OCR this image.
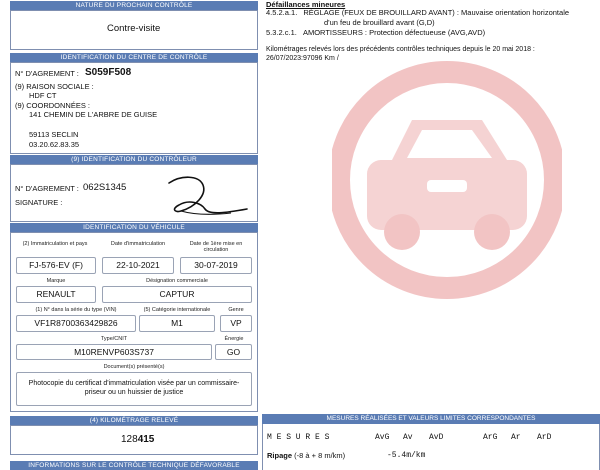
NATURE DU PROCHAIN CONTRÔLE
Contre-visite
IDENTIFICATION DU CENTRE DE CONTRÔLE
N° D'AGREMENT : S059F508
(9) RAISON SOCIALE :
HDF CT
(9) COORDONNÉES :
141 CHEMIN DE L'ARBRE DE GUISE
59113 SECLIN
03.20.62.83.35
(9) IDENTIFICATION DU CONTRÔLEUR
N° D'AGREMENT : 062S1345
SIGNATURE :
IDENTIFICATION DU VÉHICULE
(2) Immatriculation et pays	Date d'immatriculation	Date de 1ère mise en circulation
FJ-576-EV (F)	22-10-2021	30-07-2019
Marque	Désignation commerciale
RENAULT	CAPTUR
(1) N° dans la série du type (VIN)	(5) Catégorie internationale	Genre
VF1R8700363429826	M1	VP
Type/CNIT	Énergie
M10RENVP603S737	GO
Document(s) présenté(s)
Photocopie du certificat d'immatriculation visée par un commissaire-priseur ou un huissier de justice
(4) KILOMÉTRAGE RELEVÉ
128415
INFORMATIONS SUR LE CONTRÔLE TECHNIQUE DÉFAVORABLE
Défaillances mineures
4.5.2.a.1. RÉGLAGE (FEUX DE BROUILLARD AVANT) : Mauvaise orientation horizontale
d'un feu de brouillard avant (G,D)
5.3.2.c.1. AMORTISSEURS : Protection défectueuse (AVG,AVD)
Kilométrages relevés lors des précédents contrôles techniques depuis le 20 mai 2018 :
26/07/2023:97096 Km /
MESURES RÉALISÉES ET VALEURS LIMITES CORRESPONDANTES
M E S U R E S	AvG Av AvD	ArG Ar ArD
Ripage (-8 à + 8 m/km)	-5.4m/km
